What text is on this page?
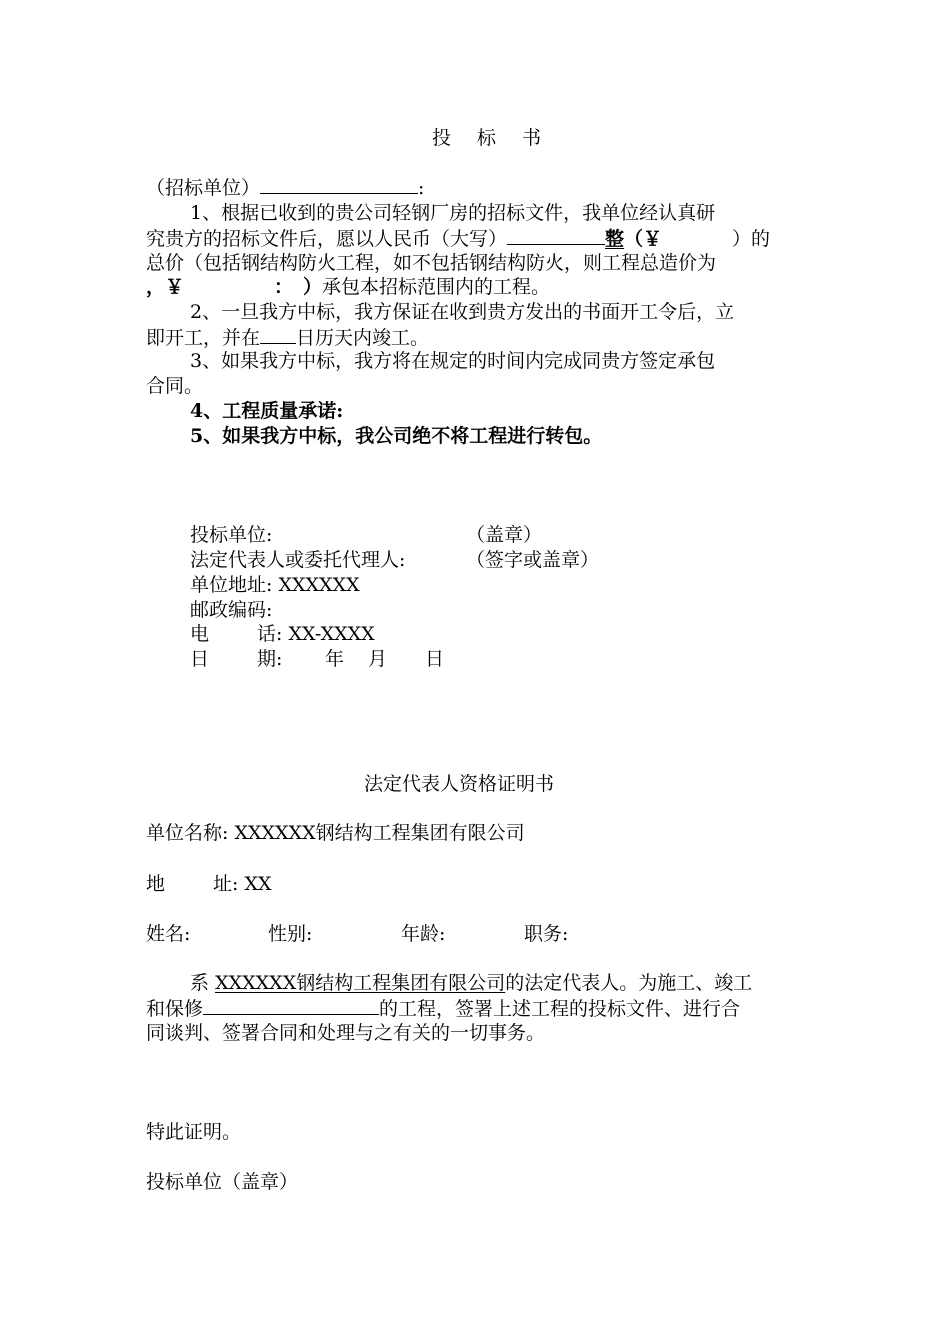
投 标 书
（招标单位）	:
1、根据已收到的贵公司轻钢厂房的招标文件，我单位经认真研
究贵方的招标文件后，愿以人民币（大写）	整（￥	）的
总价（包括钢结构防火工程，如不包括钢结构防火，则工程总造价为
，￥	： ）承包本招标范围内的工程。
2、一旦我方中标，我方保证在收到贵方发出的书面开工令后，立
即开工，并在 日历天内竣工。
3、如果我方中标，我方将在规定的时间内完成同贵方签定承包
合同。
4、工程质量承诺:
5、如果我方中标，我公司绝不将工程进行转包。
投标单位:	（盖章）
法定代表人或委托代理人:	（签字或盖章）
单位地址: XXXXXX
邮政编码:
电	话: XX-XXXX
日	期: 年 月 日
法定代表人资格证明书
单位名称: XXXXXX钢结构工程集团有限公司
地	址: XX
姓名:	性别:	年龄:	职务:
系 XXXXXX钢结构工程集团有限公司的法定代表人。为施工、竣工
和保修	的工程，签署上述工程的投标文件、进行合
同谈判、签署合同和处理与之有关的一切事务。
特此证明。
投标单位（盖章）
